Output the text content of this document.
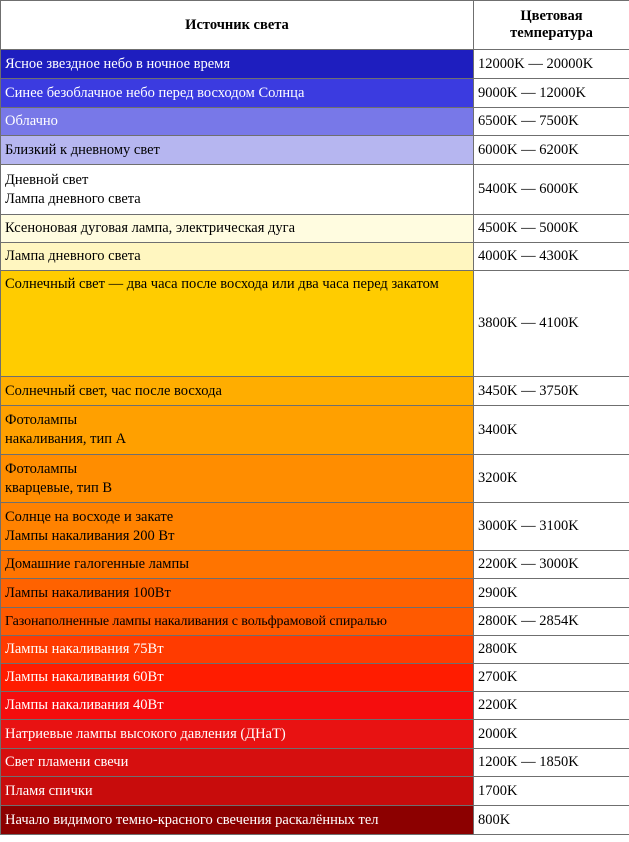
Источник света	Цветовая
температура
Ясное звездное небо в ночное время	12000K — 20000K
Синее безоблачное небо перед восходом Солнца	9000K — 12000K
Облачно	6500K — 7500K
Близкий к дневному свет	6000K — 6200K
Дневной свет
Лампа дневного света	5400K — 6000K
Ксеноновая дуговая лампа, электрическая дуга	4500K — 5000K
Лампа дневного света	4000K — 4300K
Солнечный свет — два часа после восхода или два часа перед закатом	3800K — 4100K
Солнечный свет, час после восхода	3450K — 3750K
Фотолампы
накаливания, тип А	3400K
Фотолампы
кварцевые, тип В	3200K
Солнце на восходе и закате
Лампы накаливания 200 Вт	3000K — 3100K
Домашние галогенные лампы	2200K — 3000K
Лампы накаливания 100Вт	2900K
Газонаполненные лампы накаливания с вольфрамовой спиралью	2800K — 2854K
Лампы накаливания 75Вт	2800K
Лампы накаливания 60Вт	2700K
Лампы накаливания 40Вт	2200K
Натриевые лампы высокого давления (ДНаТ)	2000K
Свет пламени свечи	1200K — 1850K
Пламя спички	1700K
Начало видимого темно-красного свечения раскалённых тел	800K
